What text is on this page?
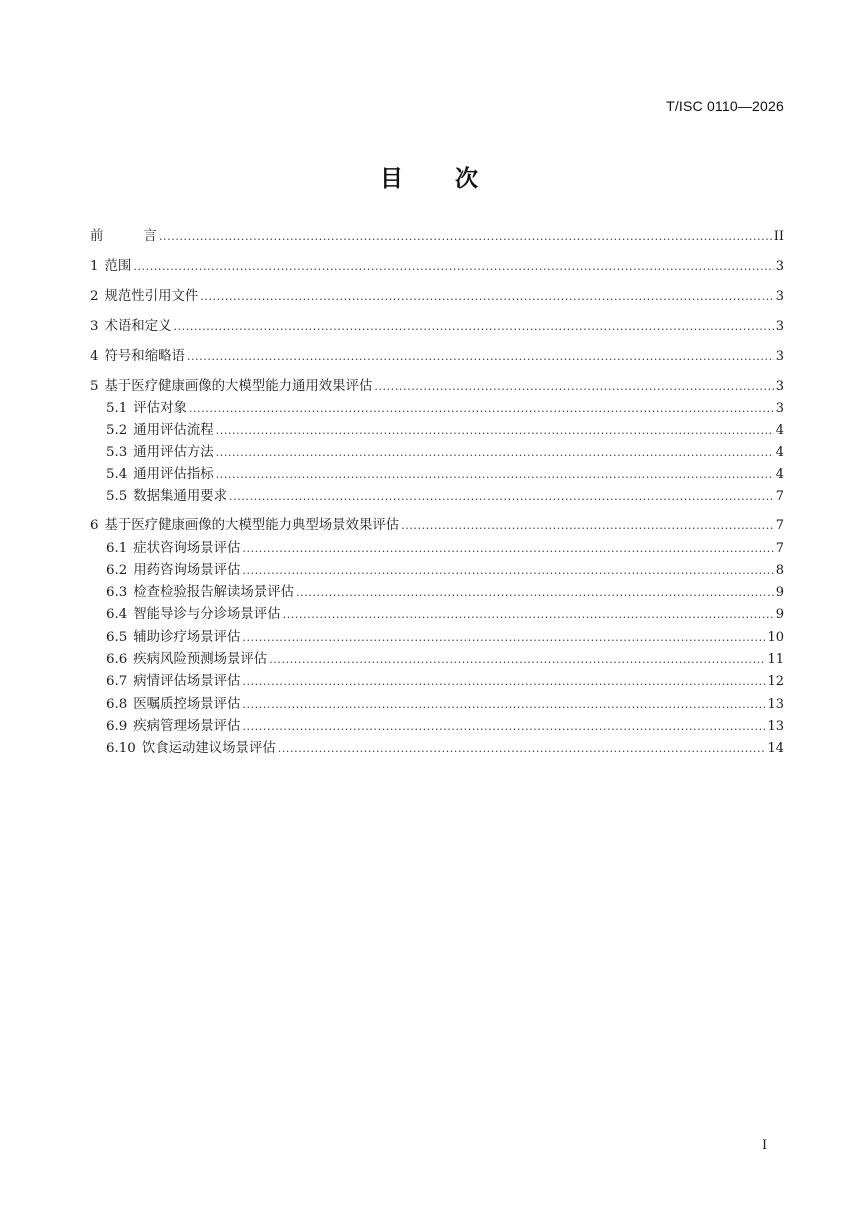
T/ISC 0110—2026
目　　次
前　　　言 .....	II
1 范围 .....	3
2 规范性引用文件 .....	3
3 术语和定义 .....	3
4 符号和缩略语 .....	3
5 基于医疗健康画像的大模型能力通用效果评估 .....	3
5.1 评估对象 .....	3
5.2 通用评估流程 .....	4
5.3 通用评估方法 .....	4
5.4 通用评估指标 .....	4
5.5 数据集通用要求 .....	7
6 基于医疗健康画像的大模型能力典型场景效果评估 .....	7
6.1 症状咨询场景评估 .....	7
6.2 用药咨询场景评估 .....	8
6.3 检查检验报告解读场景评估 .....	9
6.4 智能导诊与分诊场景评估 .....	9
6.5 辅助诊疗场景评估 .....	10
6.6 疾病风险预测场景评估 .....	11
6.7 病情评估场景评估 .....	12
6.8 医嘱质控场景评估 .....	13
6.9 疾病管理场景评估 .....	13
6.10 饮食运动建议场景评估 .....	14
I
